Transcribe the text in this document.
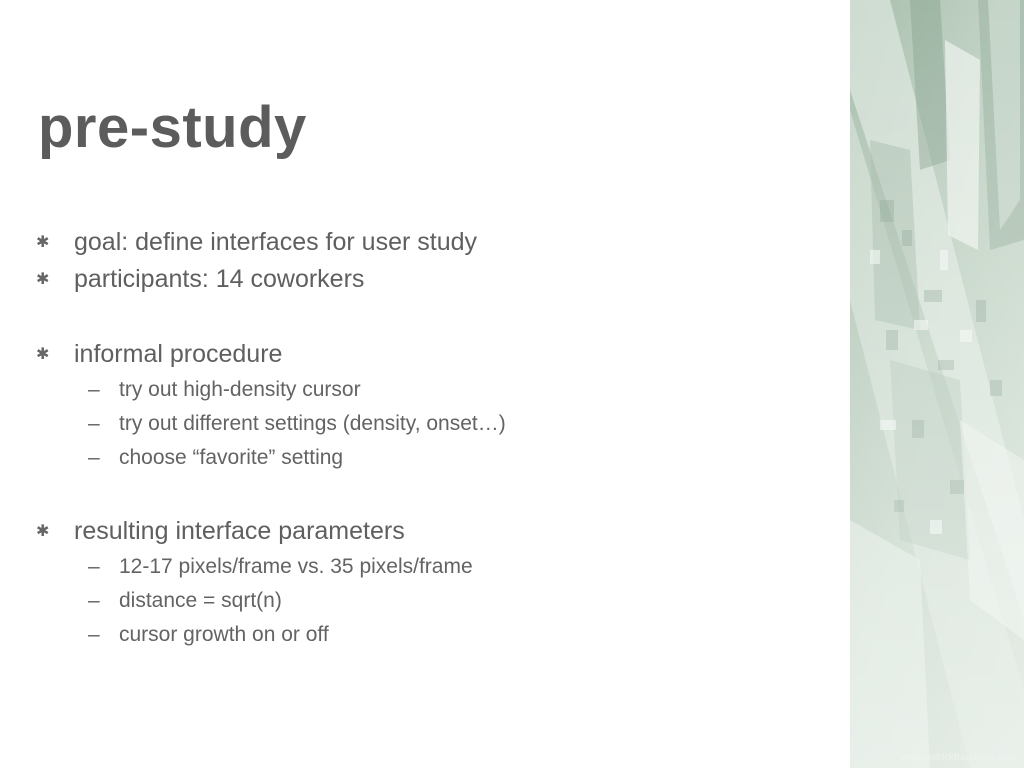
pre-study
✱ goal: define interfaces for user study
✱ participants: 14 coworkers
✱ informal procedure
– try out high-density cursor
– try out different settings (density, onset…)
– choose “favorite” setting
✱ resulting interface parameters
– 12-17 pixels/frame vs. 35 pixels/frame
– distance = sqrt(n)
– cursor growth on or off
www.patrickbaudisch.com
